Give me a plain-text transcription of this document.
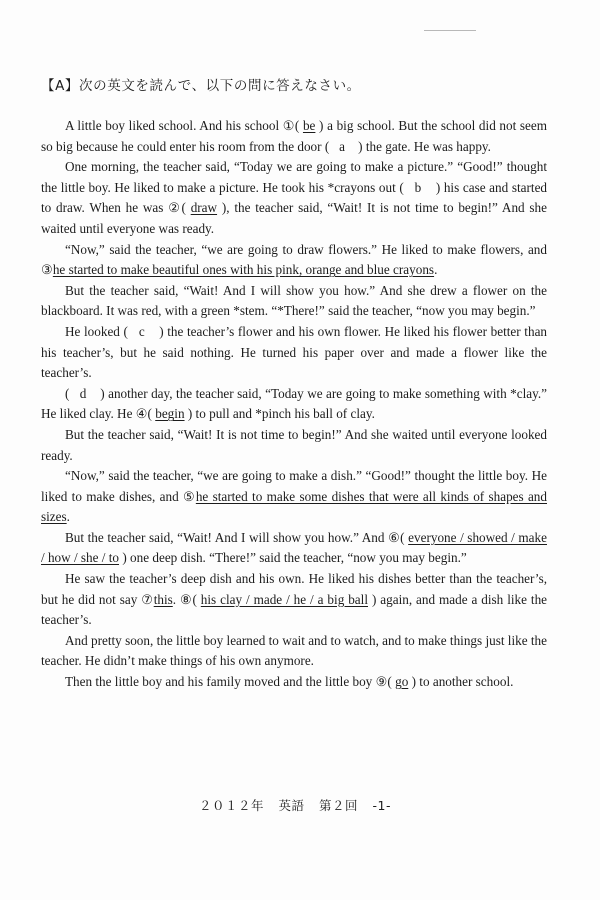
【A】次の英文を読んで、以下の問に答えなさい。

A little boy liked school. And his school ①( be ) a big school. But the school did not seem so big because he could enter his room from the door ( a ) the gate. He was happy.

One morning, the teacher said, “Today we are going to make a picture.” “Good!” thought the little boy. He liked to make a picture. He took his *crayons out ( b ) his case and started to draw. When he was ②( draw ), the teacher said, “Wait! It is not time to begin!” And she waited until everyone was ready.

“Now,” said the teacher, “we are going to draw flowers.” He liked to make flowers, and ③he started to make beautiful ones with his pink, orange and blue crayons.

But the teacher said, “Wait! And I will show you how.” And she drew a flower on the blackboard. It was red, with a green *stem. “*There!” said the teacher, “now you may begin.”

He looked ( c ) the teacher’s flower and his own flower. He liked his flower better than his teacher’s, but he said nothing. He turned his paper over and made a flower like the teacher’s.

( d ) another day, the teacher said, “Today we are going to make something with *clay.” He liked clay. He ④( begin ) to pull and *pinch his ball of clay.

But the teacher said, “Wait! It is not time to begin!” And she waited until everyone looked ready.

“Now,” said the teacher, “we are going to make a dish.” “Good!” thought the little boy. He liked to make dishes, and ⑤he started to make some dishes that were all kinds of shapes and sizes.

But the teacher said, “Wait! And I will show you how.” And ⑥( everyone / showed / make / how / she / to ) one deep dish. “There!” said the teacher, “now you may begin.”

He saw the teacher’s deep dish and his own. He liked his dishes better than the teacher’s, but he did not say ⑦this. ⑧( his clay / made / he / a big ball ) again, and made a dish like the teacher’s.

And pretty soon, the little boy learned to wait and to watch, and to make things just like the teacher. He didn’t make things of his own anymore.

Then the little boy and his family moved and the little boy ⑨( go ) to another school.

２０１２年 英語 第２回 -1-
